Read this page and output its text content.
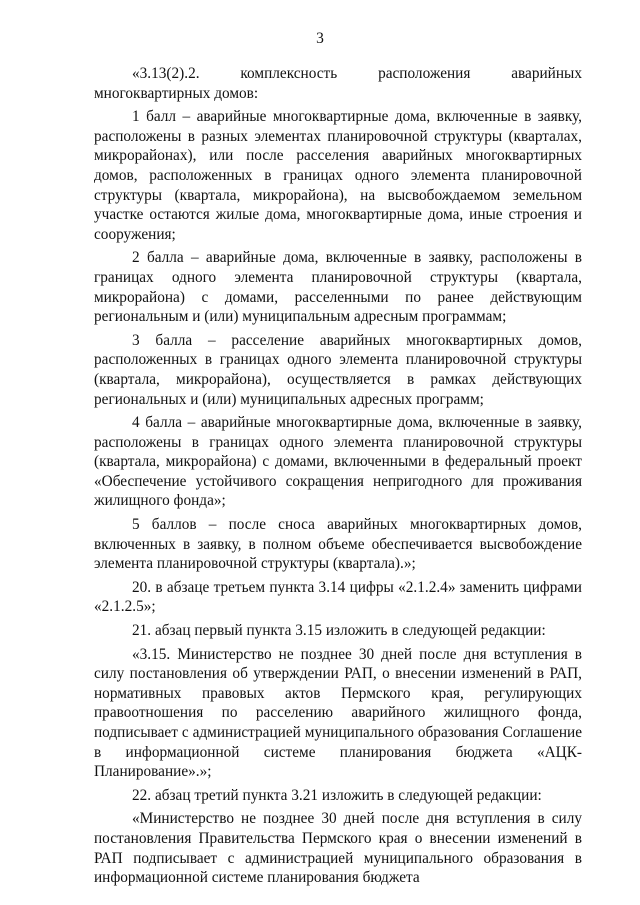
3

«3.13(2).2. комплексность расположения аварийных многоквартирных домов:

1 балл – аварийные многоквартирные дома, включенные в заявку, расположены в разных элементах планировочной структуры (кварталах, микрорайонах), или после расселения аварийных многоквартирных домов, расположенных в границах одного элемента планировочной структуры (квартала, микрорайона), на высвобождаемом земельном участке остаются жилые дома, многоквартирные дома, иные строения и сооружения;

2 балла – аварийные дома, включенные в заявку, расположены в границах одного элемента планировочной структуры (квартала, микрорайона) с домами, расселенными по ранее действующим региональным и (или) муниципальным адресным программам;

3 балла – расселение аварийных многоквартирных домов, расположенных в границах одного элемента планировочной структуры (квартала, микрорайона), осуществляется в рамках действующих региональных и (или) муниципальных адресных программ;

4 балла – аварийные многоквартирные дома, включенные в заявку, расположены в границах одного элемента планировочной структуры (квартала, микрорайона) с домами, включенными в федеральный проект «Обеспечение устойчивого сокращения непригодного для проживания жилищного фонда»;

5 баллов – после сноса аварийных многоквартирных домов, включенных в заявку, в полном объеме обеспечивается высвобождение элемента планировочной структуры (квартала).»;

20. в абзаце третьем пункта 3.14 цифры «2.1.2.4» заменить цифрами «2.1.2.5»;

21. абзац первый пункта 3.15 изложить в следующей редакции:

«3.15. Министерство не позднее 30 дней после дня вступления в силу постановления об утверждении РАП, о внесении изменений в РАП, нормативных правовых актов Пермского края, регулирующих правоотношения по расселению аварийного жилищного фонда, подписывает с администрацией муниципального образования Соглашение в информационной системе планирования бюджета «АЦК-Планирование».»;

22. абзац третий пункта 3.21 изложить в следующей редакции:

«Министерство не позднее 30 дней после дня вступления в силу постановления Правительства Пермского края о внесении изменений в РАП подписывает с администрацией муниципального образования в информационной системе планирования бюджета
